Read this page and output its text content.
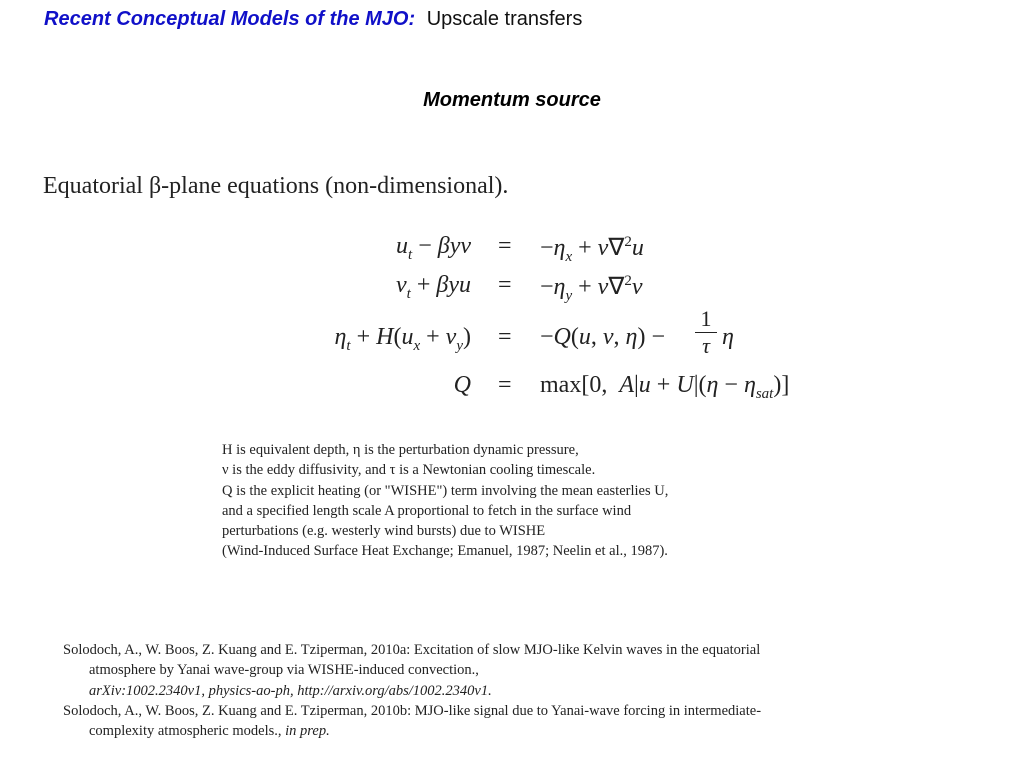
Recent Conceptual Models of the MJO: Upscale transfers
Momentum source
Equatorial β-plane equations (non-dimensional).
$u_t - \beta yv = -\eta_x + \nu\nabla^2u$
$v_t + \beta yu = -\eta_y + \nu\nabla^2v$
$\eta_t + H(u_x + v_y) = -Q(u$, v, η) −
1
τ η
Q = max[0,  $A|u + U|(\eta - \eta_{sat})$]
H is equivalent depth, η is the perturbation dynamic pressure,
ν is the eddy diffusivity, and τ is a Newtonian cooling timescale.
Q is the explicit heating (or "WISHE") term involving the mean easterlies U,
and a specified length scale A proportional to fetch in the surface wind
perturbations (e.g. westerly wind bursts) due to WISHE
(Wind-Induced Surface Heat Exchange; Emanuel, 1987; Neelin et al., 1987).
Solodoch, A., W. Boos, Z. Kuang and E. Tziperman, 2010a: Excitation of slow MJO-like Kelvin waves in the equatorial
atmosphere by Yanai wave-group via WISHE-induced convection.,
arXiv:1002.2340v1, physics-ao-ph, http://arxiv.org/abs/1002.2340v1.
Solodoch, A., W. Boos, Z. Kuang and E. Tziperman, 2010b: MJO-like signal due to Yanai-wave forcing in intermediate-
complexity atmospheric models., in prep.
